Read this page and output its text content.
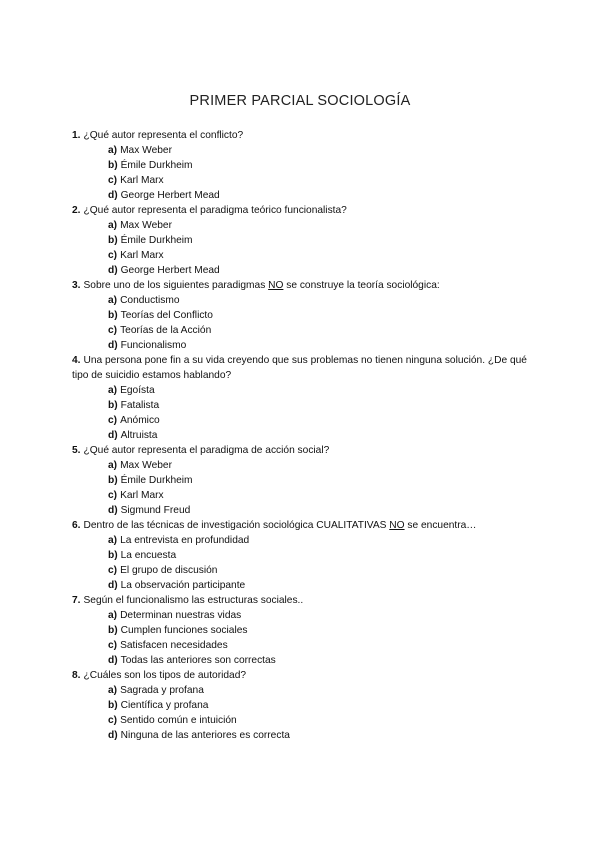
PRIMER PARCIAL SOCIOLOGÍA
1. ¿Qué autor representa el conflicto?
a) Max Weber
b) Émile Durkheim
c) Karl Marx
d) George Herbert Mead
2. ¿Qué autor representa el paradigma teórico funcionalista?
a) Max Weber
b) Émile Durkheim
c) Karl Marx
d) George Herbert Mead
3. Sobre uno de los siguientes paradigmas NO se construye la teoría sociológica:
a) Conductismo
b) Teorías del Conflicto
c) Teorías de la Acción
d) Funcionalismo
4. Una persona pone fin a su vida creyendo que sus problemas no tienen ninguna solución. ¿De qué tipo de suicidio estamos hablando?
a) Egoísta
b) Fatalista
c) Anómico
d) Altruista
5. ¿Qué autor representa el paradigma de acción social?
a) Max Weber
b) Émile Durkheim
c) Karl Marx
d) Sigmund Freud
6. Dentro de las técnicas de investigación sociológica CUALITATIVAS NO se encuentra…
a) La entrevista en profundidad
b) La encuesta
c) El grupo de discusión
d) La observación participante
7. Según el funcionalismo las estructuras sociales..
a) Determinan nuestras vidas
b) Cumplen funciones sociales
c) Satisfacen necesidades
d) Todas las anteriores son correctas
8. ¿Cuáles son los tipos de autoridad?
a) Sagrada y profana
b) Científica y profana
c) Sentido común e intuición
d) Ninguna de las anteriores es correcta
